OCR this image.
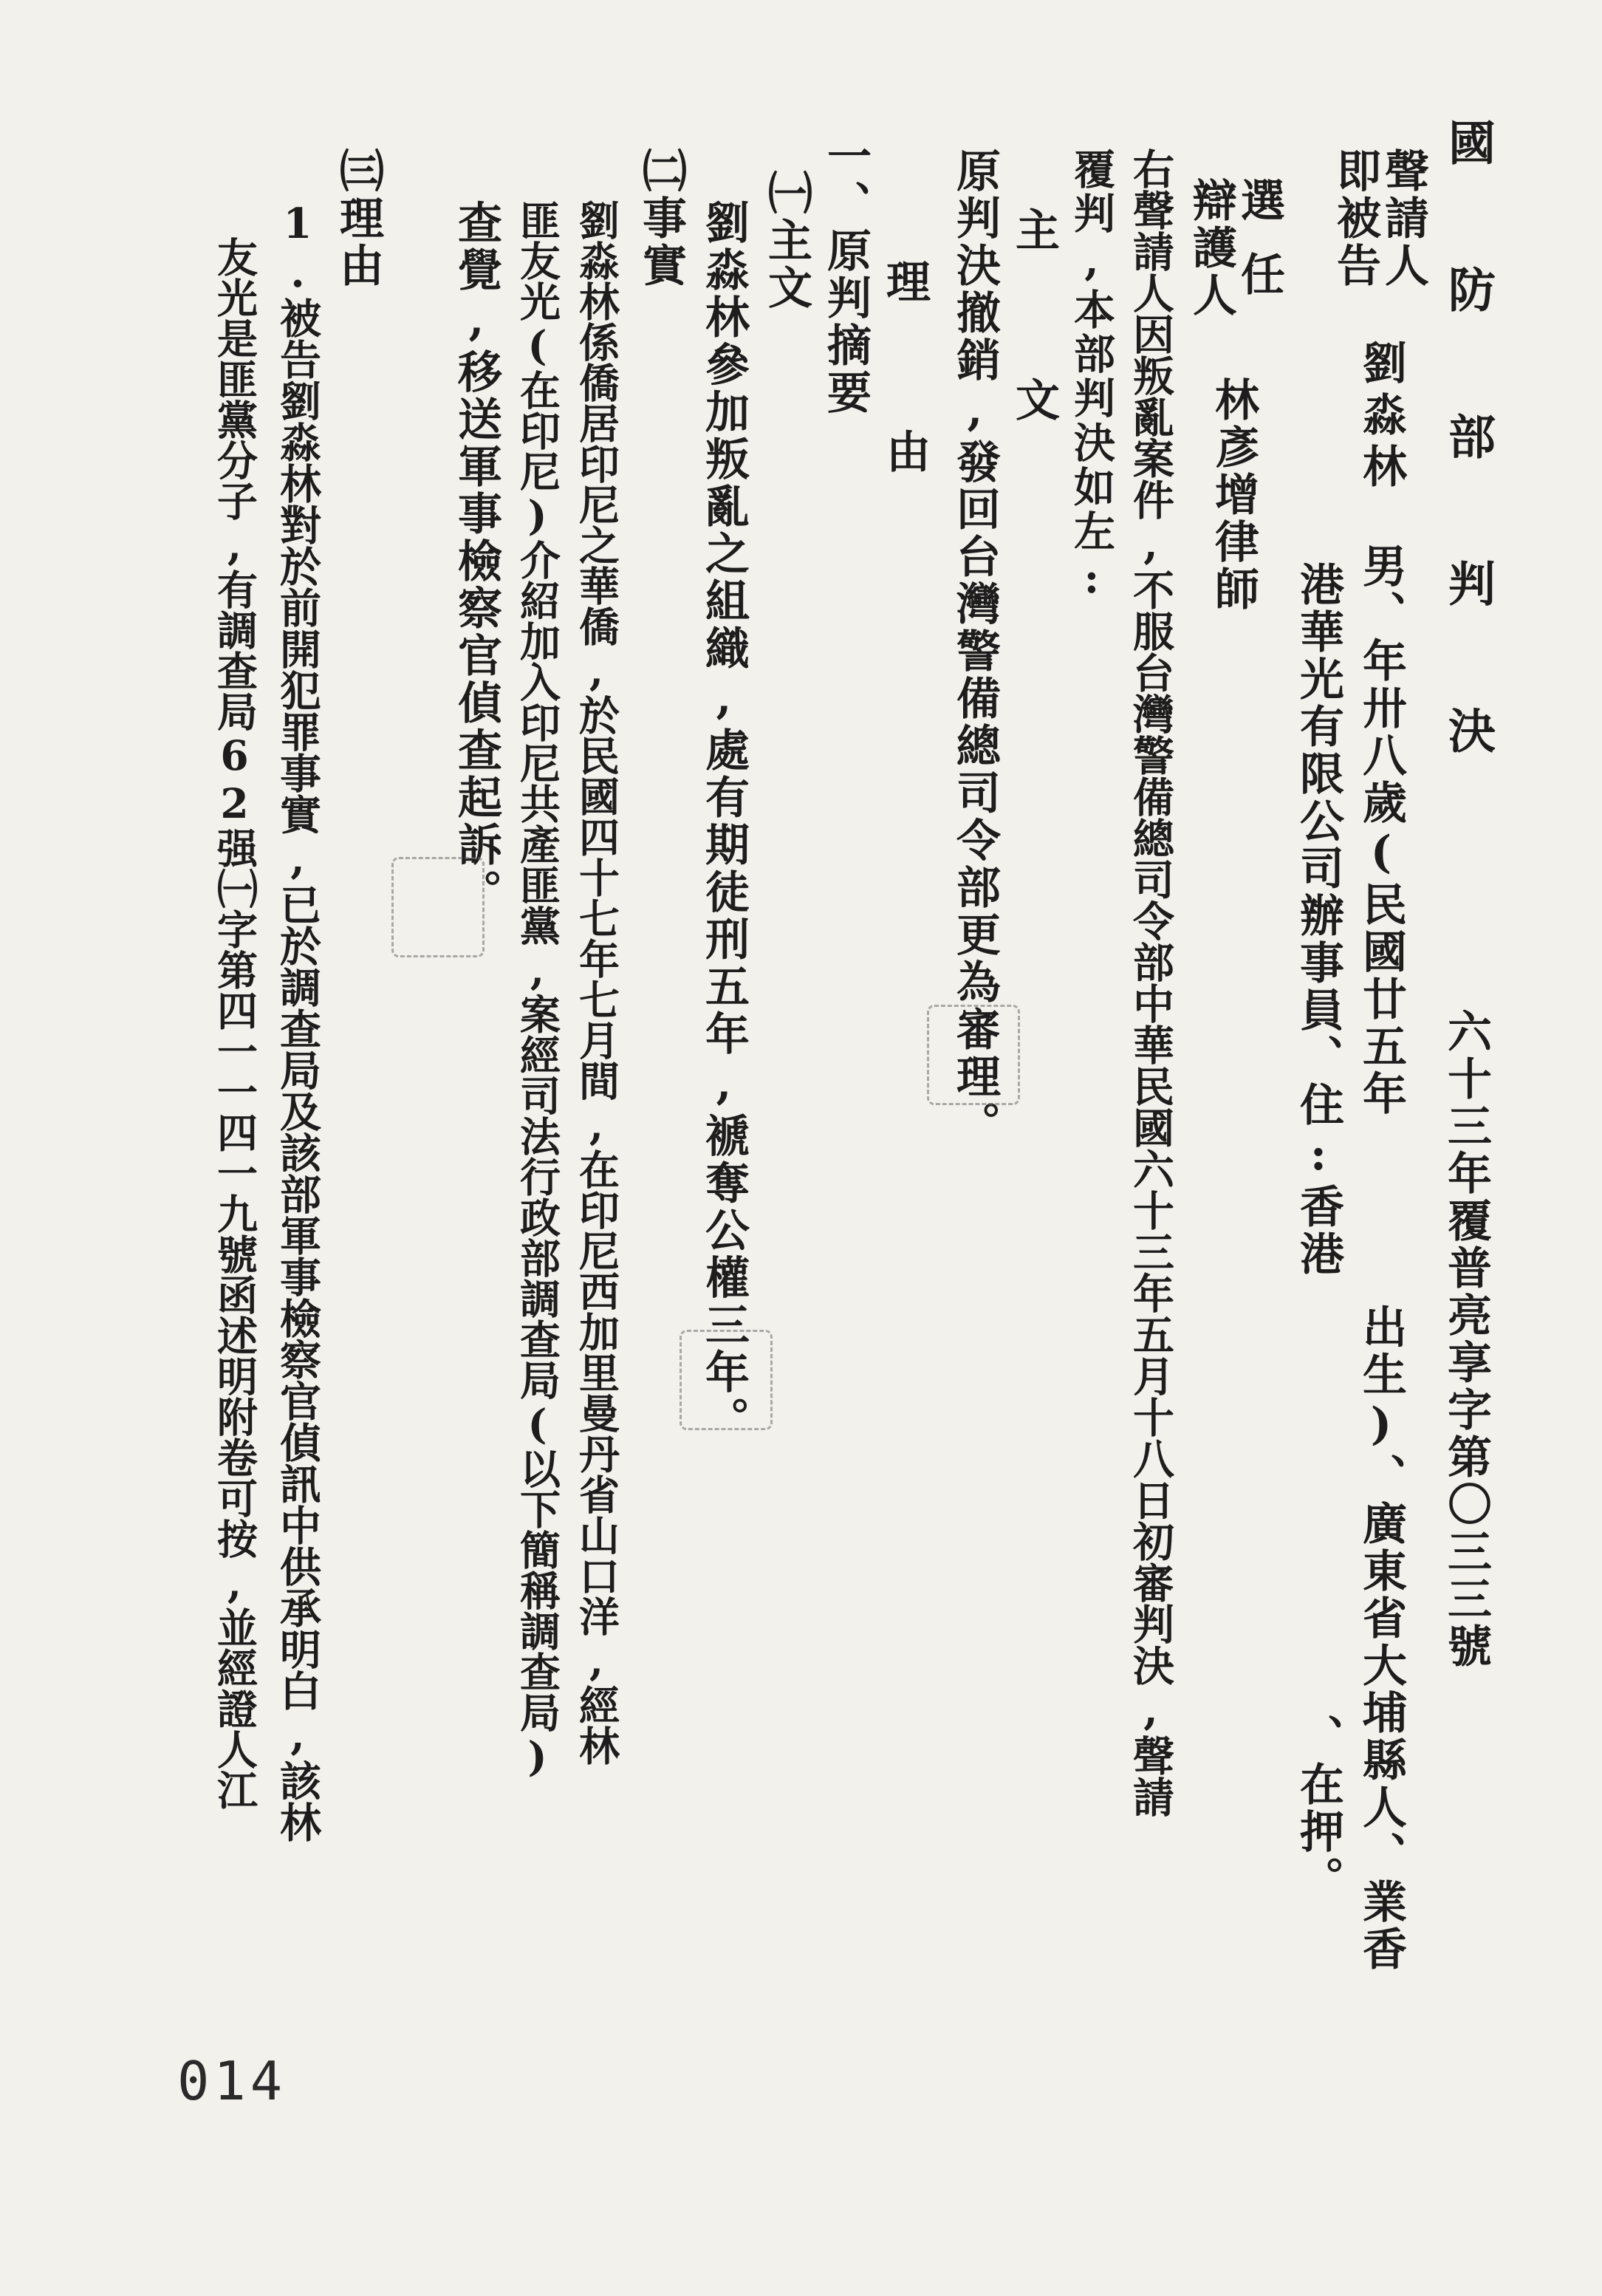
國 防 部 判 決
六十三年覆普亮享字第〇三三號
聲請人
即被告
劉淼林
男、年卅八歲(民國廿五年
出生)、廣東省大埔縣人、業香
港華光有限公司辦事員、住:香港
、在押。
選任
辯護人
林彥增律師
右聲請人因叛亂案件,不服台灣警備總司令部中華民國六十三年五月十八日初審判決,聲請
覆判,本部判決如左:
主 文
原判決撤銷,發回台灣警備總司令部更為審理。
理 由
一、原判摘要
㈠主文
劉淼林參加叛亂之組織,處有期徒刑五年,褫奪公權三年。
㈡事實
劉淼林係僑居印尼之華僑,於民國四十七年七月間,在印尼西加里曼丹省山口洋,經林
匪友光(在印尼)介紹加入印尼共產匪黨,案經司法行政部調查局(以下簡稱調查局)
查覺,移送軍事檢察官偵查起訴。
㈢理由
1.被告劉淼林對於前開犯罪事實,已於調查局及該部軍事檢察官偵訊中供承明白,該林
友光是匪黨分子,有調查局62强㈠字第四一一四一九號函述明附卷可按,並經證人江
014
